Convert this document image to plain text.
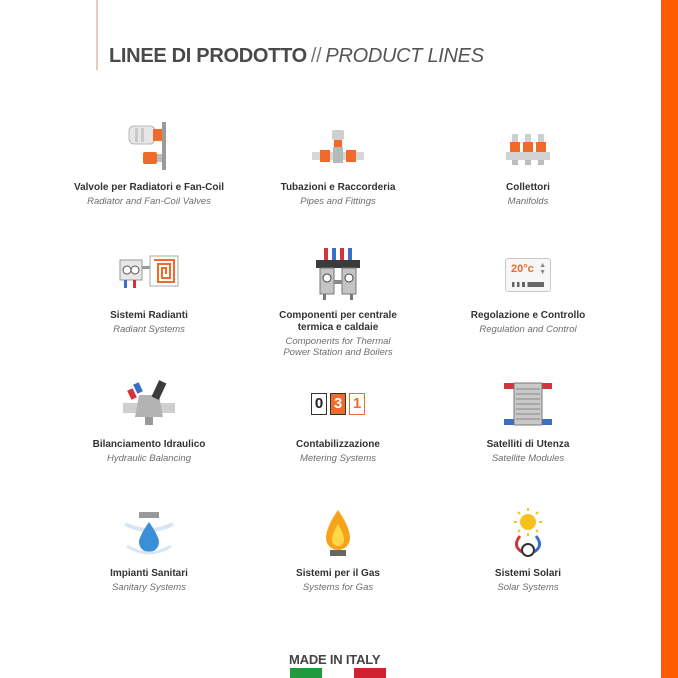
LINEE DI PRODOTTO // PRODUCT LINES
Valvole per Radiatori e Fan-Coil
Radiator and Fan-Coil Valves
Tubazioni e Raccorderia
Pipes and Fittings
Collettori
Manifolds
Sistemi Radianti
Radiant Systems
Componenti per centrale termica e caldaie
Components for Thermal Power Station and Boilers
20°c ▲
▼
Regolazione e Controllo
Regulation and Control
Bilanciamento Idraulico
Hydraulic Balancing
0 3 1
Contabilizzazione
Metering Systems
Satelliti di Utenza
Satellite Modules
Impianti Sanitari
Sanitary Systems
Sistemi per il Gas
Systems for Gas
Sistemi Solari
Solar Systems
MADE IN ITALY
